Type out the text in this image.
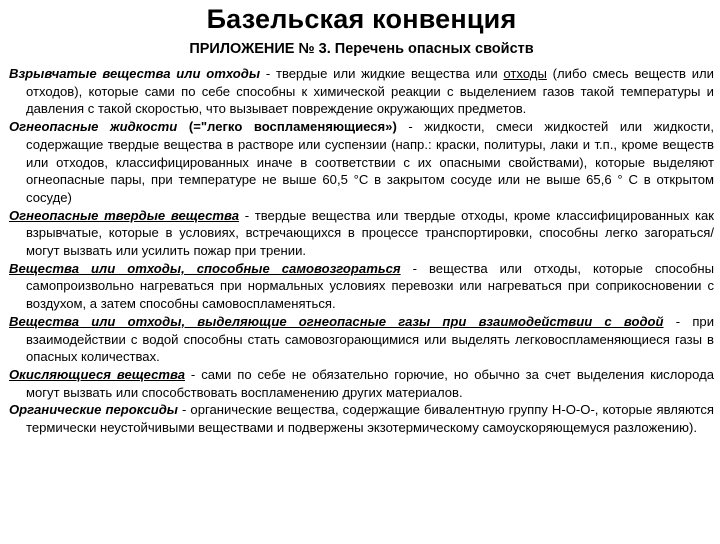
Базельская конвенция
ПРИЛОЖЕНИЕ № 3. Перечень опасных свойств

Взрывчатые вещества или отходы - твердые или жидкие вещества или отходы (либо смесь веществ или отходов), которые сами по себе способны к химической реакции с выделением газов такой температуры и давления с такой скоростью, что вызывает повреждение окружающих предметов.

Огнеопасные жидкости (="легко воспламеняющиеся») - жидкости, смеси жидкостей или жидкости, содержащие твердые вещества в растворе или суспензии (напр.: краски, политуры, лаки и т.п., кроме веществ или отходов, классифицированных иначе в соответствии с их опасными свойствами), которые выделяют огнеопасные пары, при температуре не выше 60,5 °С в закрытом сосуде или не выше 65,6 ° С в открытом сосуде)

Огнеопасные твердые вещества - твердые вещества или твердые отходы, кроме классифицированных как взрывчатые, которые в условиях, встречающихся в процессе транспортировки, способны легко загораться/могут вызвать или усилить пожар при трении.

Вещества или отходы, способные самовозгораться - вещества или отходы, которые способны самопроизвольно нагреваться при нормальных условиях перевозки или нагреваться при соприкосновении с воздухом, а затем способны самовоспламеняться.

Вещества или отходы, выделяющие огнеопасные газы при взаимодействии с водой - при взаимодействии с водой способны стать самовозгорающимися или выделять легковоспламеняющиеся газы в опасных количествах.

Окисляющиеся вещества - сами по себе не обязательно горючие, но обычно за счет выделения кислорода могут вызвать или способствовать воспламенению других материалов.

Органические пероксиды - органические вещества, содержащие бивалентную группу Н-О-О-, которые являются термически неустойчивыми веществами и подвержены экзотермическому самоускоряющемуся разложению).
